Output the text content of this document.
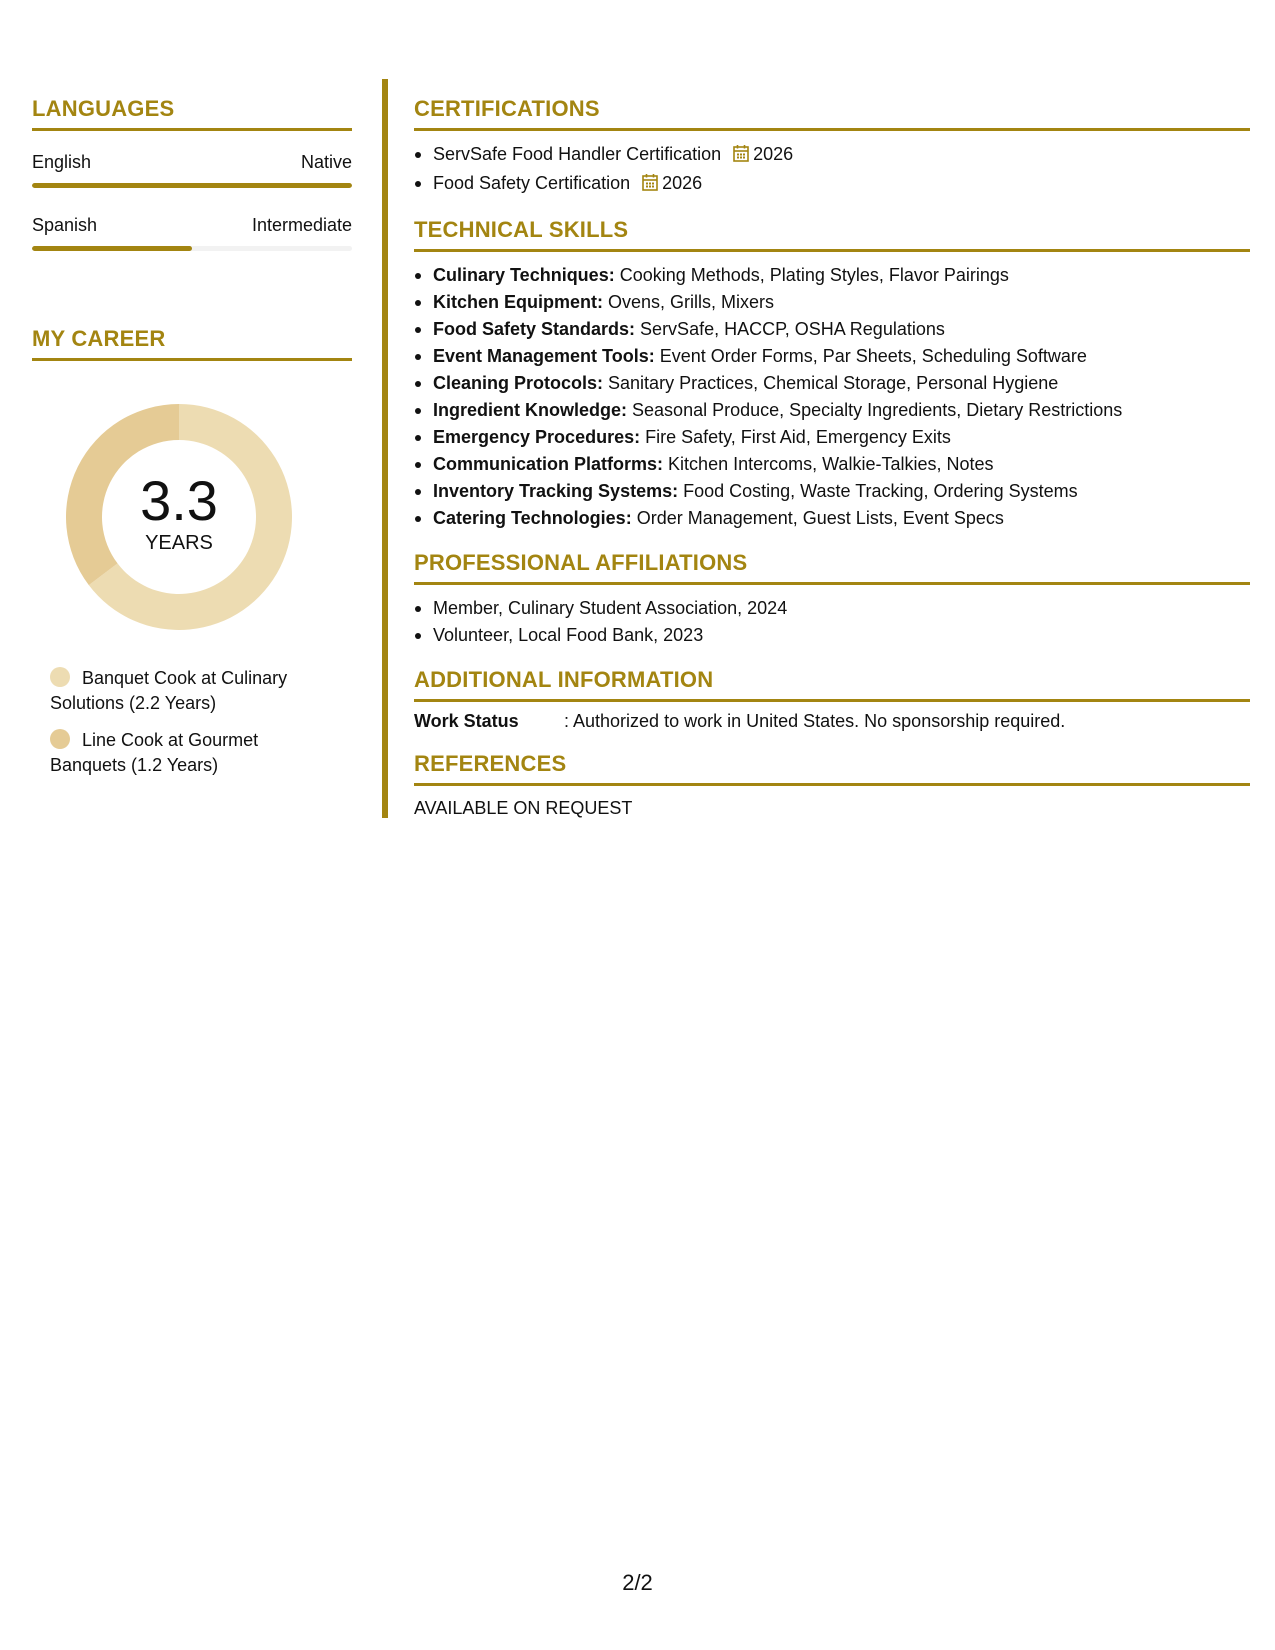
LANGUAGES
English	Native
Spanish	Intermediate
MY CAREER
3.3
YEARS
Banquet Cook at Culinary Solutions (2.2 Years)
Line Cook at Gourmet Banquets (1.2 Years)
CERTIFICATIONS
ServSafe Food Handler Certification 2026
Food Safety Certification 2026
TECHNICAL SKILLS
Culinary Techniques: Cooking Methods, Plating Styles, Flavor Pairings
Kitchen Equipment: Ovens, Grills, Mixers
Food Safety Standards: ServSafe, HACCP, OSHA Regulations
Event Management Tools: Event Order Forms, Par Sheets, Scheduling Software
Cleaning Protocols: Sanitary Practices, Chemical Storage, Personal Hygiene
Ingredient Knowledge: Seasonal Produce, Specialty Ingredients, Dietary Restrictions
Emergency Procedures: Fire Safety, First Aid, Emergency Exits
Communication Platforms: Kitchen Intercoms, Walkie-Talkies, Notes
Inventory Tracking Systems: Food Costing, Waste Tracking, Ordering Systems
Catering Technologies: Order Management, Guest Lists, Event Specs
PROFESSIONAL AFFILIATIONS
Member, Culinary Student Association, 2024
Volunteer, Local Food Bank, 2023
ADDITIONAL INFORMATION
Work Status	: Authorized to work in United States. No sponsorship required.
REFERENCES
AVAILABLE ON REQUEST
2/2
